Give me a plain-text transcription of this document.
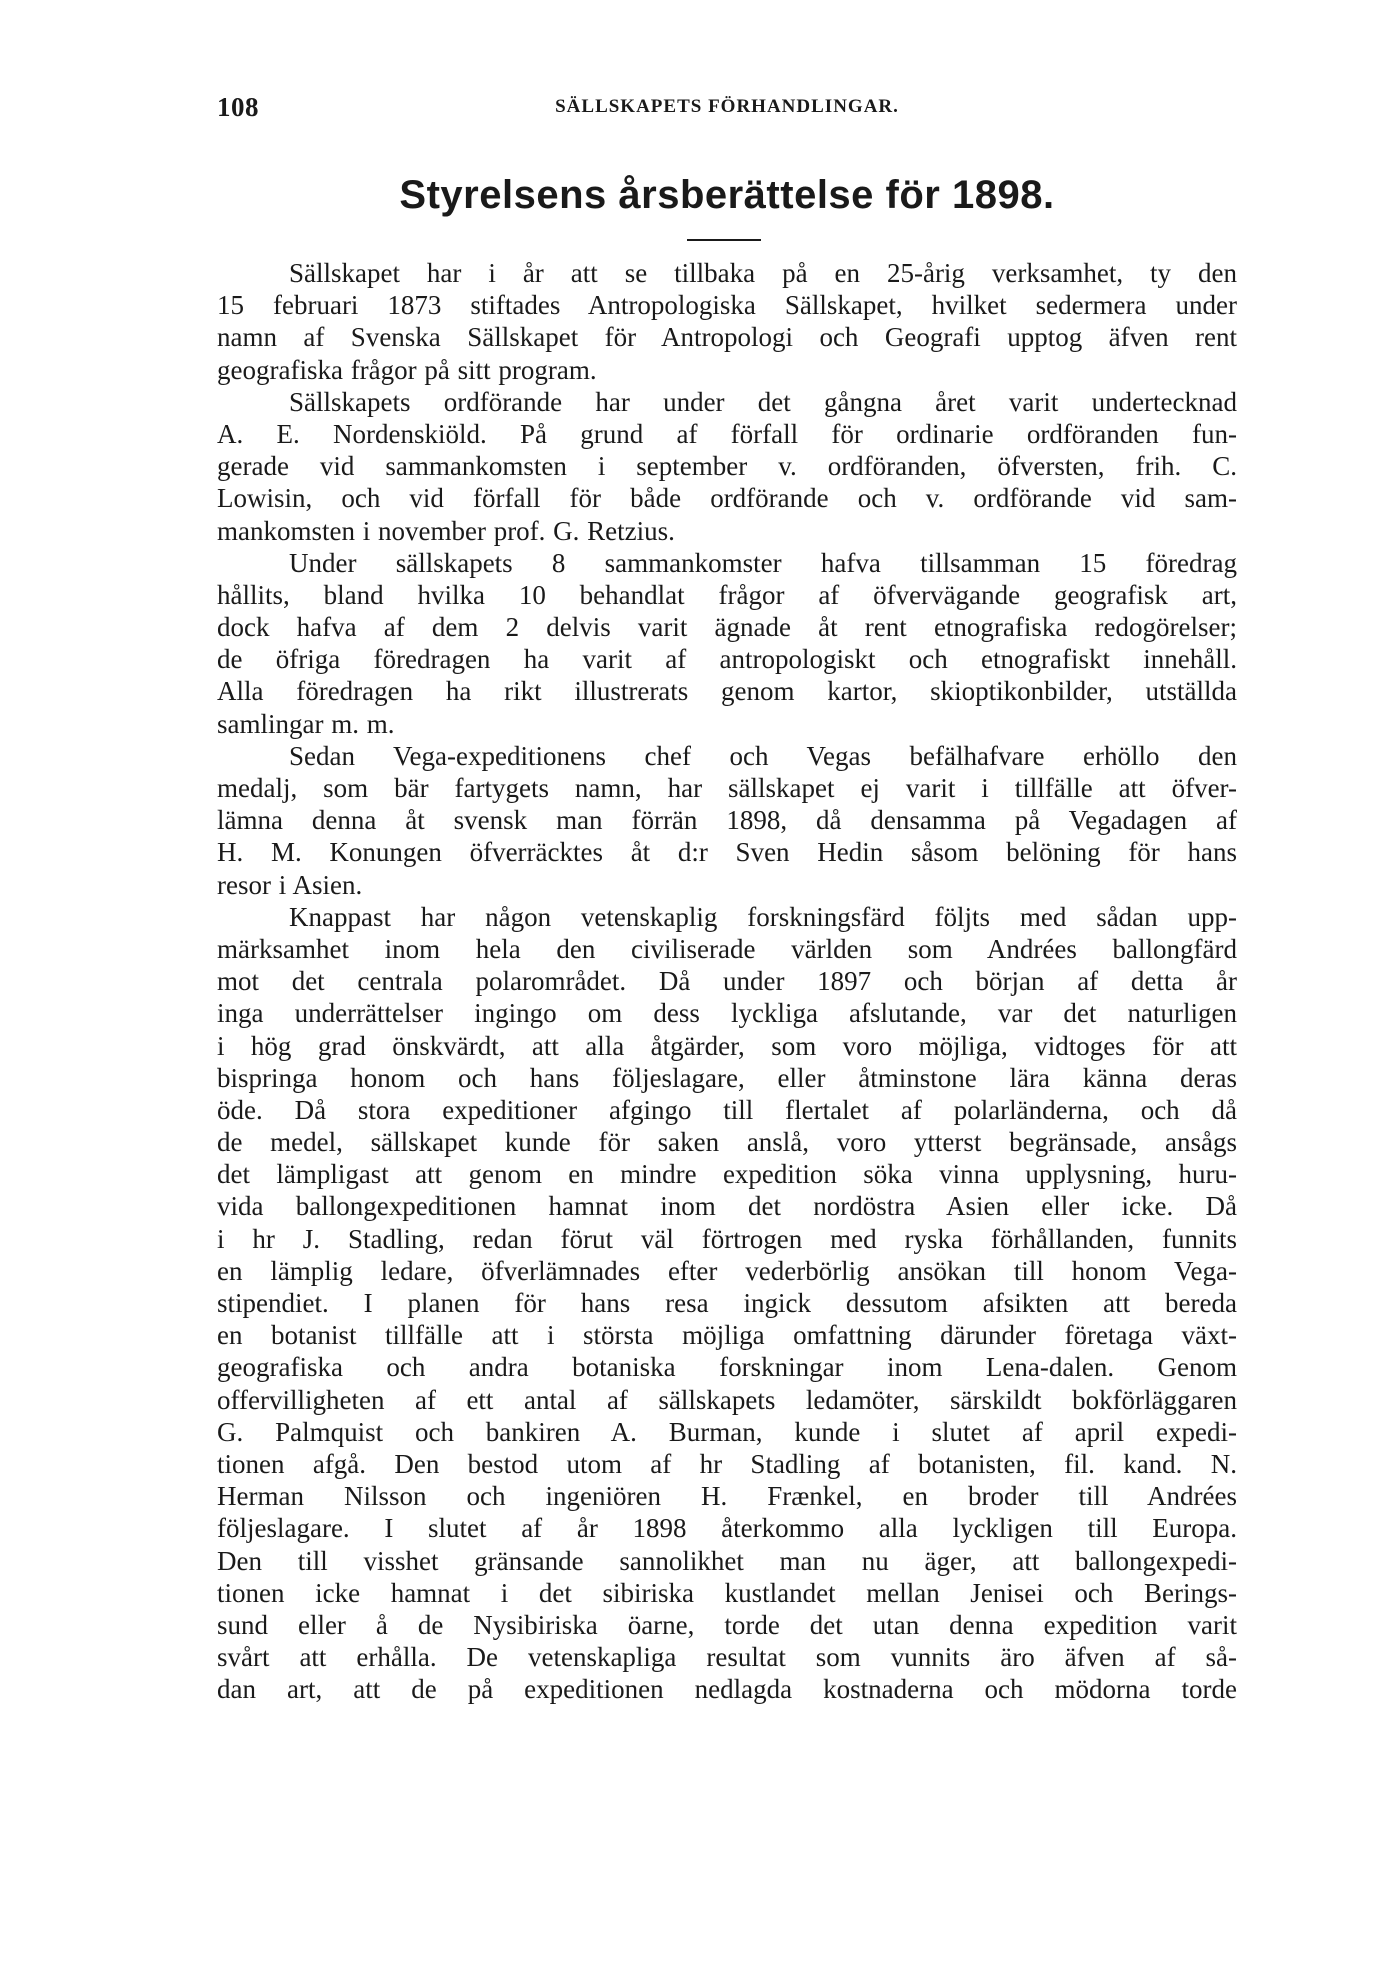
108	SÄLLSKAPETS FÖRHANDLINGAR.
Styrelsens årsberättelse för 1898.
Sällskapet har i år att se tillbaka på en 25-årig verksamhet, ty den
15 februari 1873 stiftades Antropologiska Sällskapet, hvilket sedermera under
namn af Svenska Sällskapet för Antropologi och Geografi upptog äfven rent
geografiska frågor på sitt program.
Sällskapets ordförande har under det gångna året varit undertecknad
A. E. Nordenskiöld. På grund af förfall för ordinarie ordföranden fun-
gerade vid sammankomsten i september v. ordföranden, öfversten, frih. C.
Lowisin, och vid förfall för både ordförande och v. ordförande vid sam-
mankomsten i november prof. G. Retzius.
Under sällskapets 8 sammankomster hafva tillsamman 15 föredrag
hållits, bland hvilka 10 behandlat frågor af öfvervägande geografisk art,
dock hafva af dem 2 delvis varit ägnade åt rent etnografiska redogörelser;
de öfriga föredragen ha varit af antropologiskt och etnografiskt innehåll.
Alla föredragen ha rikt illustrerats genom kartor, skioptikonbilder, utställda
samlingar m. m.
Sedan Vega-expeditionens chef och Vegas befälhafvare erhöllo den
medalj, som bär fartygets namn, har sällskapet ej varit i tillfälle att öfver-
lämna denna åt svensk man förrän 1898, då densamma på Vegadagen af
H. M. Konungen öfverräcktes åt d:r Sven Hedin såsom belöning för hans
resor i Asien.
Knappast har någon vetenskaplig forskningsfärd följts med sådan upp-
märksamhet inom hela den civiliserade världen som Andrées ballongfärd
mot det centrala polarområdet. Då under 1897 och början af detta år
inga underrättelser ingingo om dess lyckliga afslutande, var det naturligen
i hög grad önskvärdt, att alla åtgärder, som voro möjliga, vidtoges för att
bispringa honom och hans följeslagare, eller åtminstone lära känna deras
öde. Då stora expeditioner afgingo till flertalet af polarländerna, och då
de medel, sällskapet kunde för saken anslå, voro ytterst begränsade, ansågs
det lämpligast att genom en mindre expedition söka vinna upplysning, huru-
vida ballongexpeditionen hamnat inom det nordöstra Asien eller icke. Då
i hr J. Stadling, redan förut väl förtrogen med ryska förhållanden, funnits
en lämplig ledare, öfverlämnades efter vederbörlig ansökan till honom Vega-
stipendiet. I planen för hans resa ingick dessutom afsikten att bereda
en botanist tillfälle att i största möjliga omfattning därunder företaga växt-
geografiska och andra botaniska forskningar inom Lena-dalen. Genom
offervilligheten af ett antal af sällskapets ledamöter, särskildt bokförläggaren
G. Palmquist och bankiren A. Burman, kunde i slutet af april expedi-
tionen afgå. Den bestod utom af hr Stadling af botanisten, fil. kand. N.
Herman Nilsson och ingeniören H. Frænkel, en broder till Andrées
följeslagare. I slutet af år 1898 återkommo alla lyckligen till Europa.
Den till visshet gränsande sannolikhet man nu äger, att ballongexpedi-
tionen icke hamnat i det sibiriska kustlandet mellan Jenisei och Berings-
sund eller å de Nysibiriska öarne, torde det utan denna expedition varit
svårt att erhålla. De vetenskapliga resultat som vunnits äro äfven af så-
dan art, att de på expeditionen nedlagda kostnaderna och mödorna torde
